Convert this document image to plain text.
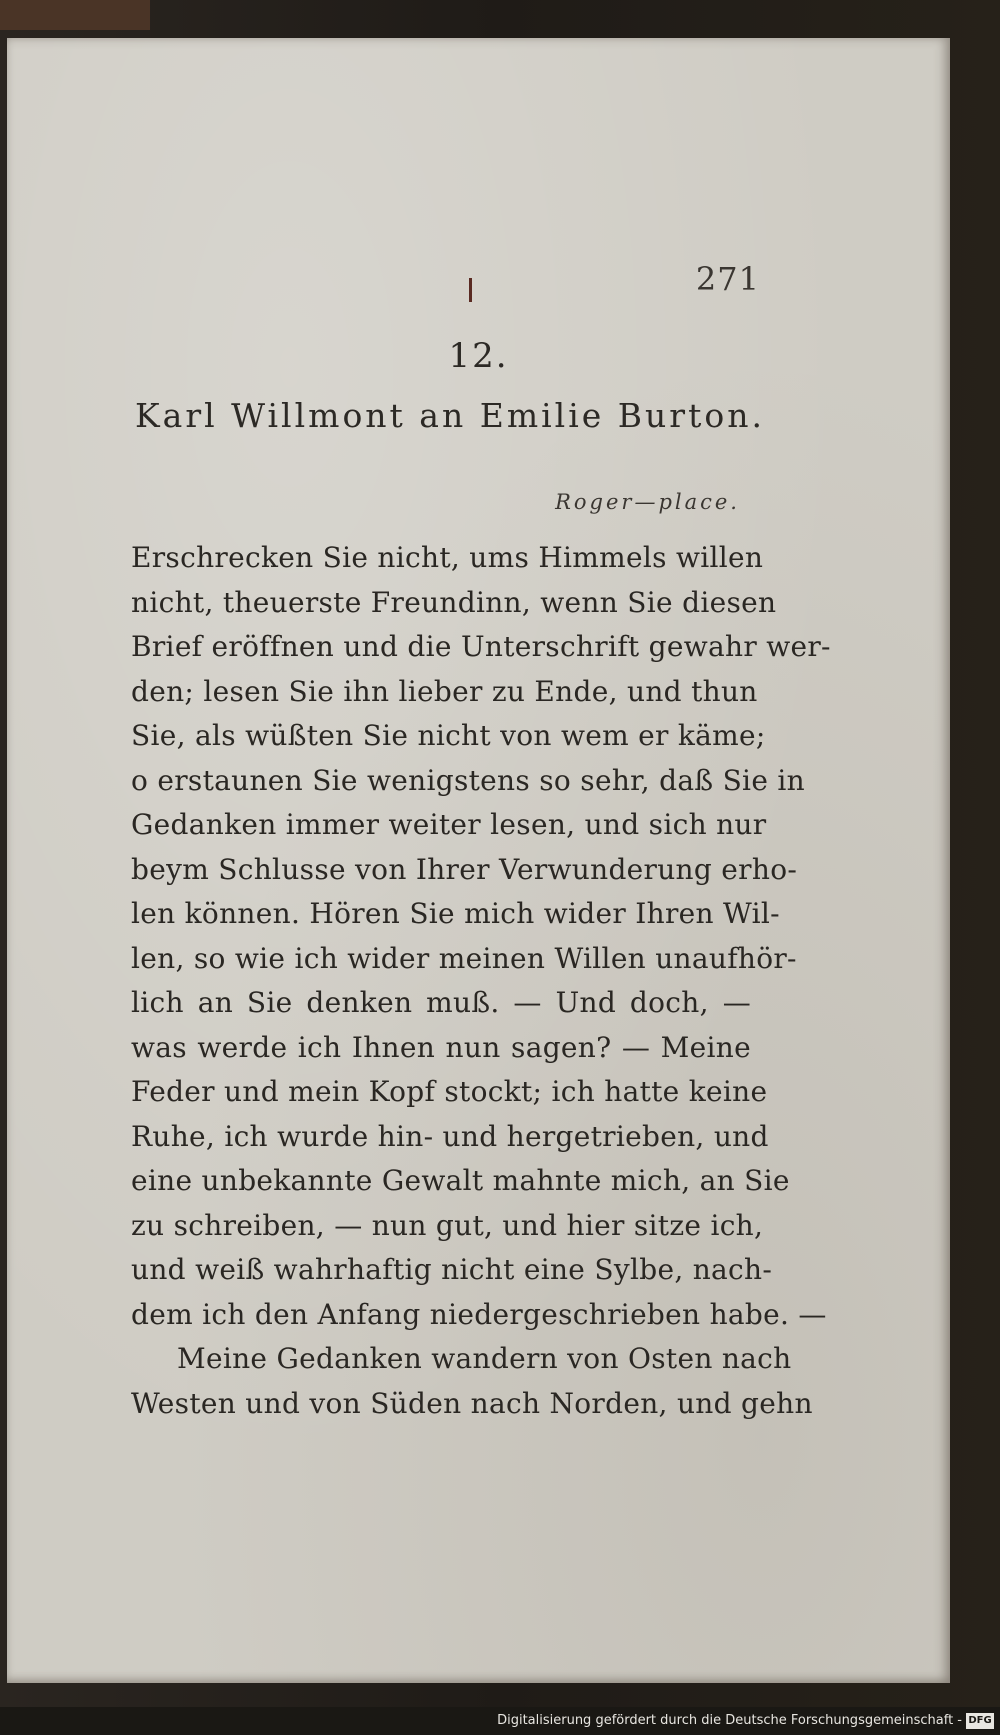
271
12.
Karl Willmont an Emilie Burton.
Roger—place.
Erschrecken Sie nicht, ums Himmels willen
nicht, theuerste Freundinn, wenn Sie diesen
Brief eröffnen und die Unterschrift gewahr wer-
den; lesen Sie ihn lieber zu Ende, und thun
Sie, als wüßten Sie nicht von wem er käme;
o erstaunen Sie wenigstens so sehr, daß Sie in
Gedanken immer weiter lesen, und sich nur
beym Schlusse von Ihrer Verwunderung erho-
len können. Hören Sie mich wider Ihren Wil-
len, so wie ich wider meinen Willen unaufhör-
lich an Sie denken muß. — Und doch, —
was werde ich Ihnen nun sagen? — Meine
Feder und mein Kopf stockt; ich hatte keine
Ruhe, ich wurde hin- und hergetrieben, und
eine unbekannte Gewalt mahnte mich, an Sie
zu schreiben, — nun gut, und hier sitze ich,
und weiß wahrhaftig nicht eine Sylbe, nach-
dem ich den Anfang niedergeschrieben habe. —
Meine Gedanken wandern von Osten nach
Westen und von Süden nach Norden, und gehn
Digitalisierung gefördert durch die Deutsche Forschungsgemeinschaft - DFG
